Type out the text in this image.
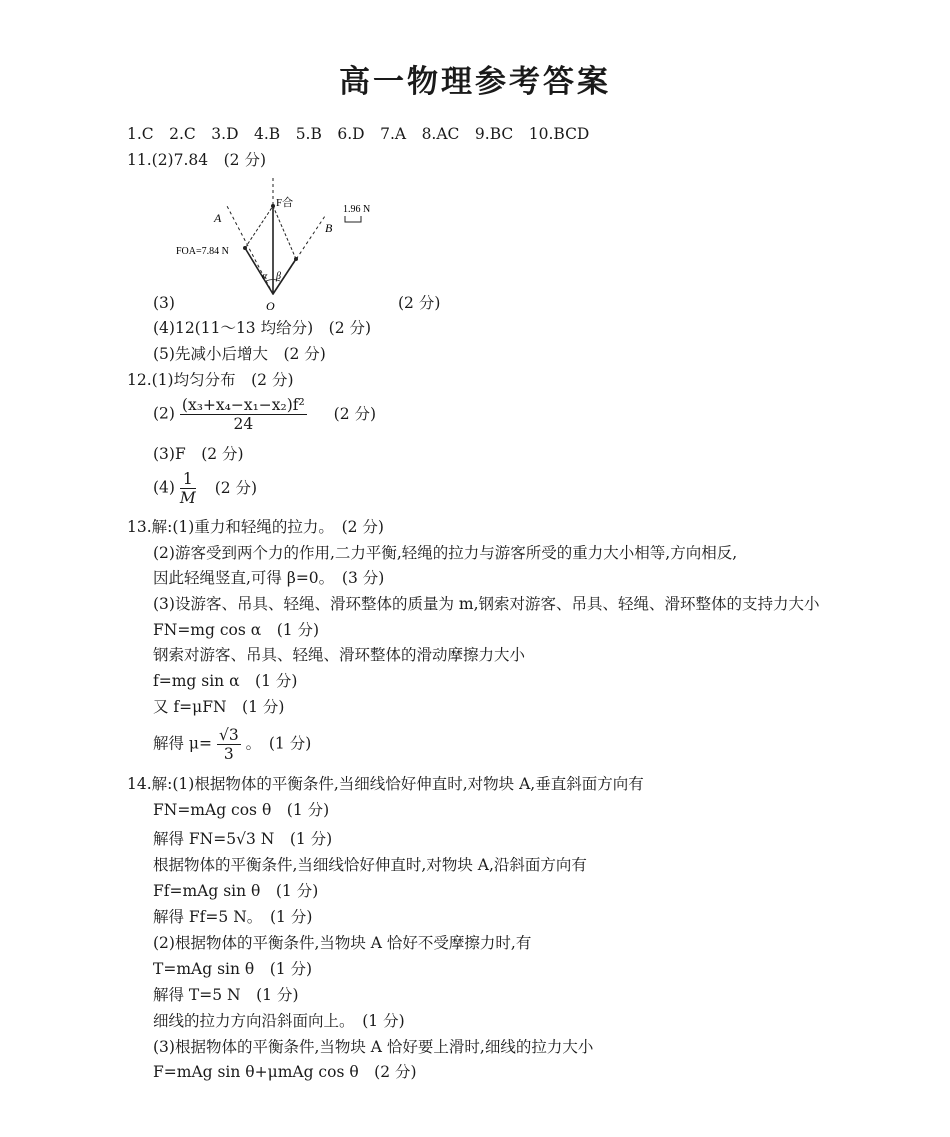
高一物理参考答案
1.C　2.C　3.D　4.B　5.B　6.D　7.A　8.AC　9.BC　10.BCD
11.(2)7.84　(2 分)
F合
A
B
O
FOA=7.84 N
1.96 N
α β
(3)	(2 分)
(4)12(11～13 均给分)　(2 分)
(5)先减小后增大　(2 分)
12.(1)均匀分布　(2 分)
$(2) \frac{\text{(x₃+x₄−x₁−x₂)f²}}{24} (2$ 分)
(3)F　(2 分)
$(4) \frac{1}{M} (2$ 分)
13.解:(1)重力和轻绳的拉力。　(2 分)
(2)游客受到两个力的作用,二力平衡,轻绳的拉力与游客所受的重力大小相等,方向相反,
因此轻绳竖直,可得 β=0。　(3 分)
(3)设游客、吊具、轻绳、滑环整体的质量为 m,钢索对游客、吊具、轻绳、滑环整体的支持力大小
FN=mg cos α　(1 分)
钢索对游客、吊具、轻绳、滑环整体的滑动摩擦力大小
f=mg sin α　(1 分)
又 f=μFN　(1 分)
解得 $\mu= \frac{√3}{3}$ 。　(1 分)
14.解:(1)根据物体的平衡条件,当细线恰好伸直时,对物块 A,垂直斜面方向有
FN=mAg cos θ　(1 分)
解得 FN=5√3 N　(1 分)
根据物体的平衡条件,当细线恰好伸直时,对物块 A,沿斜面方向有
Ff=mAg sin θ　(1 分)
解得 Ff=5 N。　(1 分)
(2)根据物体的平衡条件,当物块 A 恰好不受摩擦力时,有
T=mAg sin θ　(1 分)
解得 T=5 N　(1 分)
细线的拉力方向沿斜面向上。　(1 分)
(3)根据物体的平衡条件,当物块 A 恰好要上滑时,细线的拉力大小
F=mAg sin θ+μmAg cos θ　(2 分)
